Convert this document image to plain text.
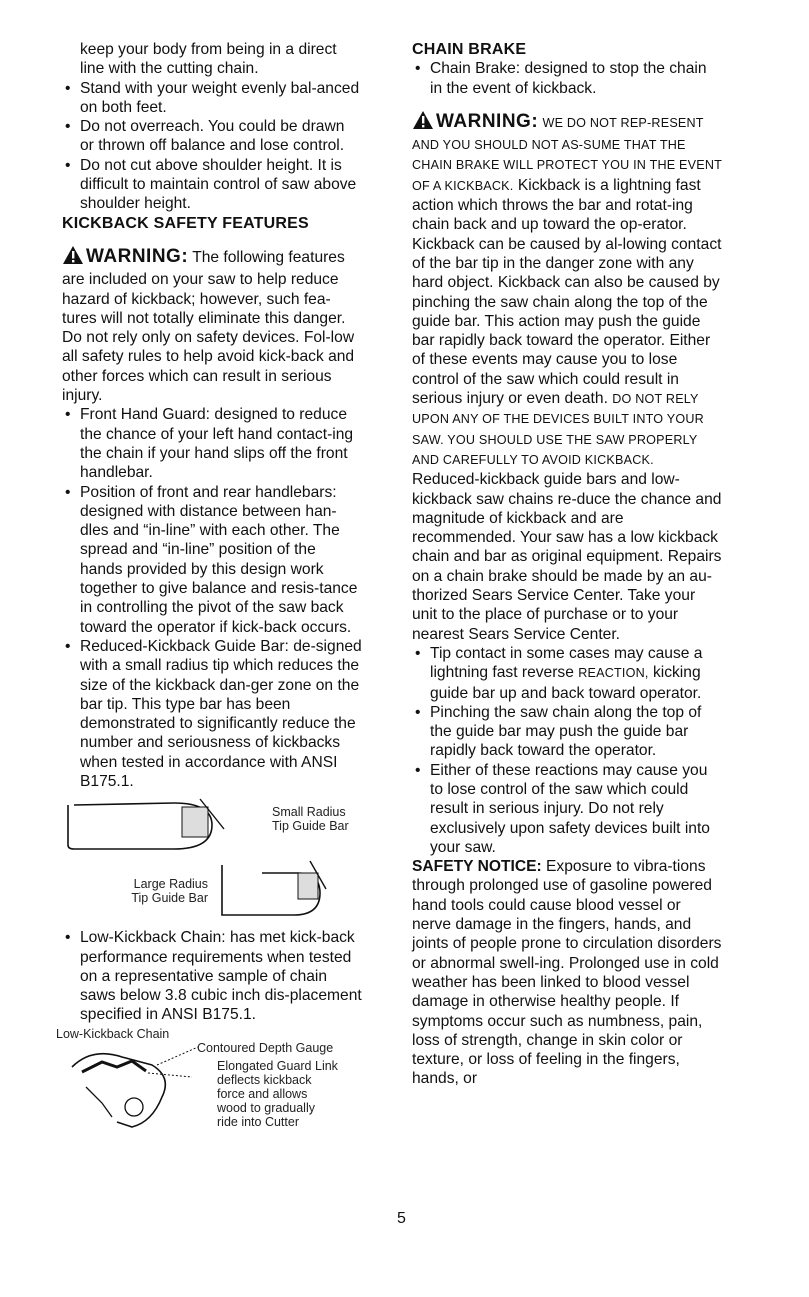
keep your body from being in a direct

line with the cutting chain.

• Stand with your weight evenly bal-anced on both feet.

• Do not overreach. You could be drawn or thrown off balance and lose control.

• Do not cut above shoulder height. It is difficult to maintain control of saw above shoulder height.

KICKBACK SAFETY FEATURES

WARNING: The following features are included on your saw to help reduce hazard of kickback; however, such fea-tures will not totally eliminate this danger. Do not rely only on safety devices. Fol-low all safety rules to help avoid kick-back and other forces which can result in serious injury.

• Front Hand Guard: designed to reduce the chance of your left hand contact-ing the chain if your hand slips off the front handlebar.

• Position of front and rear handlebars: designed with distance between han-dles and “in-line” with each other. The spread and “in-line” position of the hands provided by this design work together to give balance and resis-tance in controlling the pivot of the saw back toward the operator if kick-back occurs.

• Reduced-Kickback Guide Bar: de-signed with a small radius tip which reduces the size of the kickback dan-ger zone on the bar tip. This type bar has been demonstrated to significantly reduce the number and seriousness of kickbacks when tested in accordance with ANSI B175.1.

Small Radius
Tip Guide Bar
Large Radius
Tip Guide Bar

• Low-Kickback Chain: has met kick-back performance requirements when tested on a representative sample of chain saws below 3.8 cubic inch dis-placement specified in ANSI B175.1.

Low-Kickback Chain
Contoured Depth Gauge
Elongated Guard Link
deflects kickback
force and allows
wood to gradually
ride into Cutter

CHAIN BRAKE

• Chain Brake: designed to stop the chain in the event of kickback.

WARNING: WE DO NOT REP-RESENT AND YOU SHOULD NOT AS-SUME THAT THE CHAIN BRAKE WILL PROTECT YOU IN THE EVENT OF A KICKBACK. Kickback is a lightning fast action which throws the bar and rotat-ing chain back and up toward the op-erator. Kickback can be caused by al-lowing contact of the bar tip in the danger zone with any hard object. Kickback can also be caused by pinching the saw chain along the top of the guide bar. This action may push the guide bar rapidly back toward the operator. Either of these events may cause you to lose control of the saw which could result in serious injury or even death. DO NOT RELY UPON ANY OF THE DEVICES BUILT INTO YOUR SAW. YOU SHOULD USE THE SAW PROPERLY AND CAREFULLY TO AVOID KICKBACK. Reduced-kickback guide bars and low-kickback saw chains re-duce the chance and magnitude of kickback and are recommended. Your saw has a low kickback chain and bar as original equipment. Repairs on a chain brake should be made by an au-thorized Sears Service Center. Take your unit to the place of purchase or to your nearest Sears Service Center.

• Tip contact in some cases may cause a lightning fast reverse REACTION, kicking guide bar up and back toward operator.

• Pinching the saw chain along the top of the guide bar may push the guide bar rapidly back toward the operator.

• Either of these reactions may cause you to lose control of the saw which could result in serious injury. Do not rely exclusively upon safety devices built into your saw.

SAFETY NOTICE: Exposure to vibra-tions through prolonged use of gasoline powered hand tools could cause blood vessel or nerve damage in the fingers, hands, and joints of people prone to circulation disorders or abnormal swell-ing. Prolonged use in cold weather has been linked to blood vessel damage in otherwise healthy people. If symptoms occur such as numbness, pain, loss of strength, change in skin color or texture, or loss of feeling in the fingers, hands, or

5
